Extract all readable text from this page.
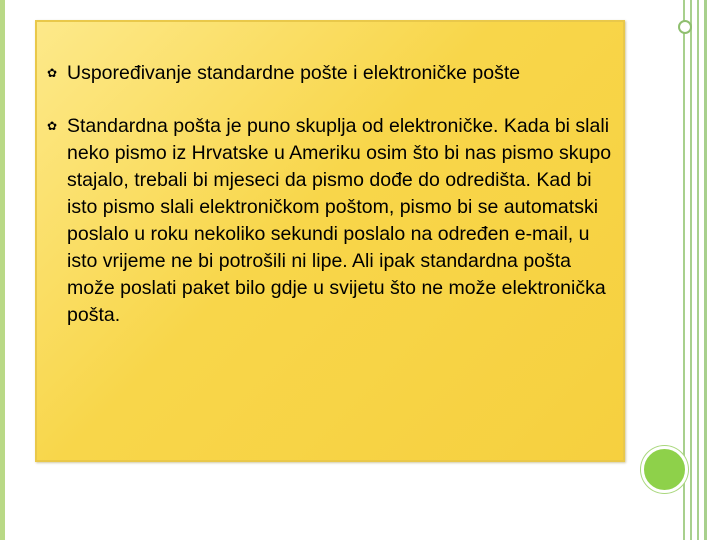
✿ Uspoređivanje standardne pošte i elektroničke pošte
✿ Standardna pošta je puno skuplja od elektroničke. Kada bi slali neko pismo iz Hrvatske u Ameriku osim što bi nas pismo skupo stajalo, trebali bi mjeseci da pismo dođe do odredišta. Kad bi isto pismo slali elektroničkom poštom, pismo bi se automatski poslalo u roku nekoliko sekundi poslalo na određen e-mail, u isto vrijeme ne bi potrošili ni lipe. Ali ipak standardna pošta može poslati paket bilo gdje u svijetu što ne može elektronička pošta.
